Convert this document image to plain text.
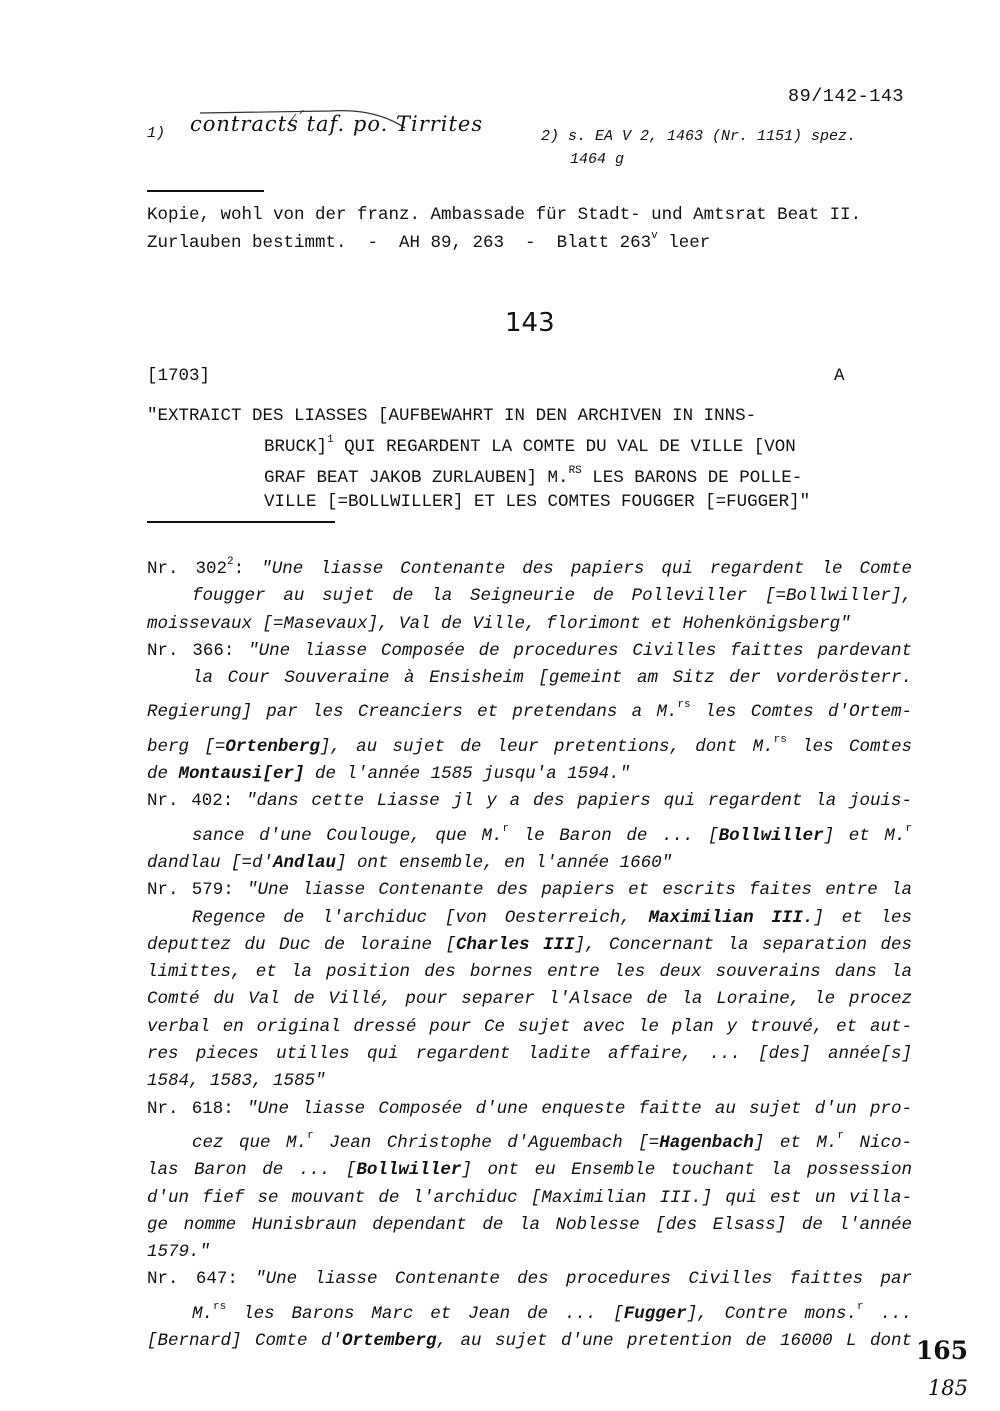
89/142-143
1) contracts taf. po. Tirrites
2) s. EA V 2, 1463 (Nr. 1151) spez.
1464 g
Kopie, wohl von der franz. Ambassade für Stadt- und Amtsrat Beat II.
Zurlauben bestimmt.  -  AH 89, 263  -  Blatt 263$^v$ leer
143
[1703]	A
"EXTRAICT DES LIASSES [AUFBEWAHRT IN DEN ARCHIVEN IN INNS-
BRUCK]$^1$ QUI REGARDENT LA COMTE DU VAL DE VILLE [VON
GRAF BEAT JAKOB ZURLAUBEN] M.$^{RS}$ LES BARONS DE POLLE-
VILLE [=BOLLWILLER] ET LES COMTES FOUGGER [=FUGGER]"
Nr. $302^2$: "Une liasse Contenante des papiers qui regardent le Comte
fougger au sujet de la Seigneurie de Polleviller [=Bollwiller],
moissevaux [=Masevaux], Val de Ville, florimont et Hohenkönigsberg"
Nr. 366: "Une liasse Composée de procedures Civilles faittes pardevant
la Cour Souveraine à Ensisheim [gemeint am Sitz der vorderösterr.
Regierung] par les Creanciers et pretendans a M.$^{rs}$ les Comtes d'Ortem-
berg [=Ortenberg], au sujet de leur pretentions, dont M.$^{rs}$ les Comtes
de Montausi[er] de l'année 1585 jusqu'a 1594."
Nr. 402: "dans cette Liasse jl y a des papiers qui regardent la jouis-
sance d'une Coulouge, que M.$^r$ le Baron de ... [Bollwiller] et M.$^r$
dandlau [=d'Andlau] ont ensemble, en l'année 1660"
Nr. 579: "Une liasse Contenante des papiers et escrits faites entre la
Regence de l'archiduc [von Oesterreich, Maximilian III.] et les
deputtez du Duc de loraine [Charles III], Concernant la separation des
limittes, et la position des bornes entre les deux souverains dans la
Comté du Val de Villé, pour separer l'Alsace de la Loraine, le procez
verbal en original dressé pour Ce sujet avec le plan y trouvé, et aut-
res pieces utilles qui regardent ladite affaire, ... [des] année[s]
1584, 1583, 1585"
Nr. 618: "Une liasse Composée d'une enqueste faitte au sujet d'un pro-
cez que M.$^r$ Jean Christophe d'Aguembach [=Hagenbach] et M.$^r$ Nico-
las Baron de ... [Bollwiller] ont eu Ensemble touchant la possession
d'un fief se mouvant de l'archiduc [Maximilian III.] qui est un villa-
ge nomme Hunisbraun dependant de la Noblesse [des Elsass] de l'année
1579."
Nr. 647: "Une liasse Contenante des procedures Civilles faittes par
M.$^{rs}$ les Barons Marc et Jean de ... [Fugger], Contre mons.$^r$ ...
[Bernard] Comte d'Ortemberg, au sujet d'une pretention de 16000 L dont 165
185
